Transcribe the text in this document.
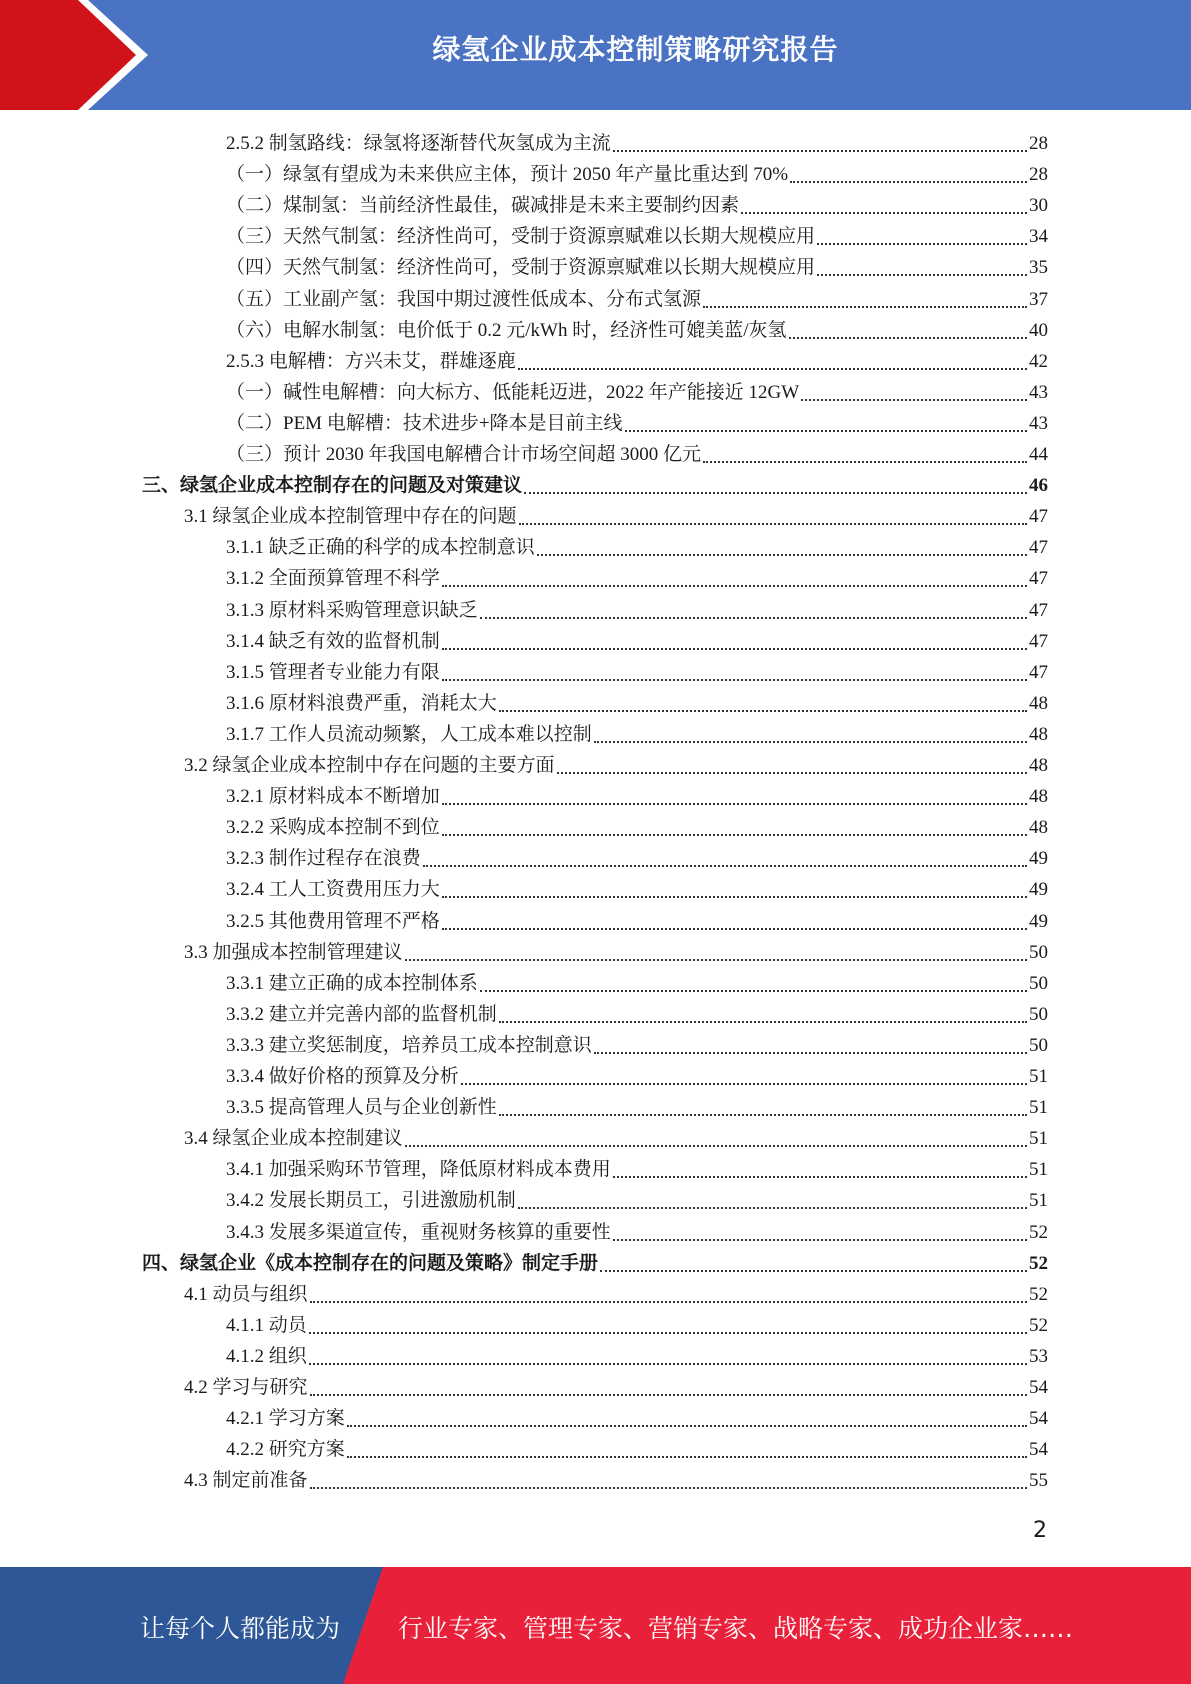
绿氢企业成本控制策略研究报告
2.5.2 制氢路线：绿氢将逐渐替代灰氢成为主流	28
（一）绿氢有望成为未来供应主体，预计 2050 年产量比重达到 70%	28
（二）煤制氢：当前经济性最佳，碳减排是未来主要制约因素	30
（三）天然气制氢：经济性尚可，受制于资源禀赋难以长期大规模应用	34
（四）天然气制氢：经济性尚可，受制于资源禀赋难以长期大规模应用	35
（五）工业副产氢：我国中期过渡性低成本、分布式氢源	37
（六）电解水制氢：电价低于 0.2 元/kWh 时，经济性可媲美蓝/灰氢	40
2.5.3 电解槽：方兴未艾，群雄逐鹿	42
（一）碱性电解槽：向大标方、低能耗迈进，2022 年产能接近 12GW	43
（二）PEM 电解槽：技术进步+降本是目前主线	43
（三）预计 2030 年我国电解槽合计市场空间超 3000 亿元	44
三、绿氢企业成本控制存在的问题及对策建议	46
3.1 绿氢企业成本控制管理中存在的问题	47
3.1.1 缺乏正确的科学的成本控制意识	47
3.1.2 全面预算管理不科学	47
3.1.3 原材料采购管理意识缺乏	47
3.1.4 缺乏有效的监督机制	47
3.1.5 管理者专业能力有限	47
3.1.6 原材料浪费严重，消耗太大	48
3.1.7 工作人员流动频繁，人工成本难以控制	48
3.2 绿氢企业成本控制中存在问题的主要方面	48
3.2.1 原材料成本不断增加	48
3.2.2 采购成本控制不到位	48
3.2.3 制作过程存在浪费	49
3.2.4 工人工资费用压力大	49
3.2.5 其他费用管理不严格	49
3.3 加强成本控制管理建议	50
3.3.1 建立正确的成本控制体系	50
3.3.2 建立并完善内部的监督机制	50
3.3.3 建立奖惩制度，培养员工成本控制意识	50
3.3.4 做好价格的预算及分析	51
3.3.5 提高管理人员与企业创新性	51
3.4 绿氢企业成本控制建议	51
3.4.1 加强采购环节管理，降低原材料成本费用	51
3.4.2 发展长期员工，引进激励机制	51
3.4.3 发展多渠道宣传，重视财务核算的重要性	52
四、绿氢企业《成本控制存在的问题及策略》制定手册	52
4.1 动员与组织	52
4.1.1 动员	52
4.1.2 组织	53
4.2 学习与研究	54
4.2.1 学习方案	54
4.2.2 研究方案	54
4.3 制定前准备	55
2
让每个人都能成为 行业专家、管理专家、营销专家、战略专家、成功企业家……
